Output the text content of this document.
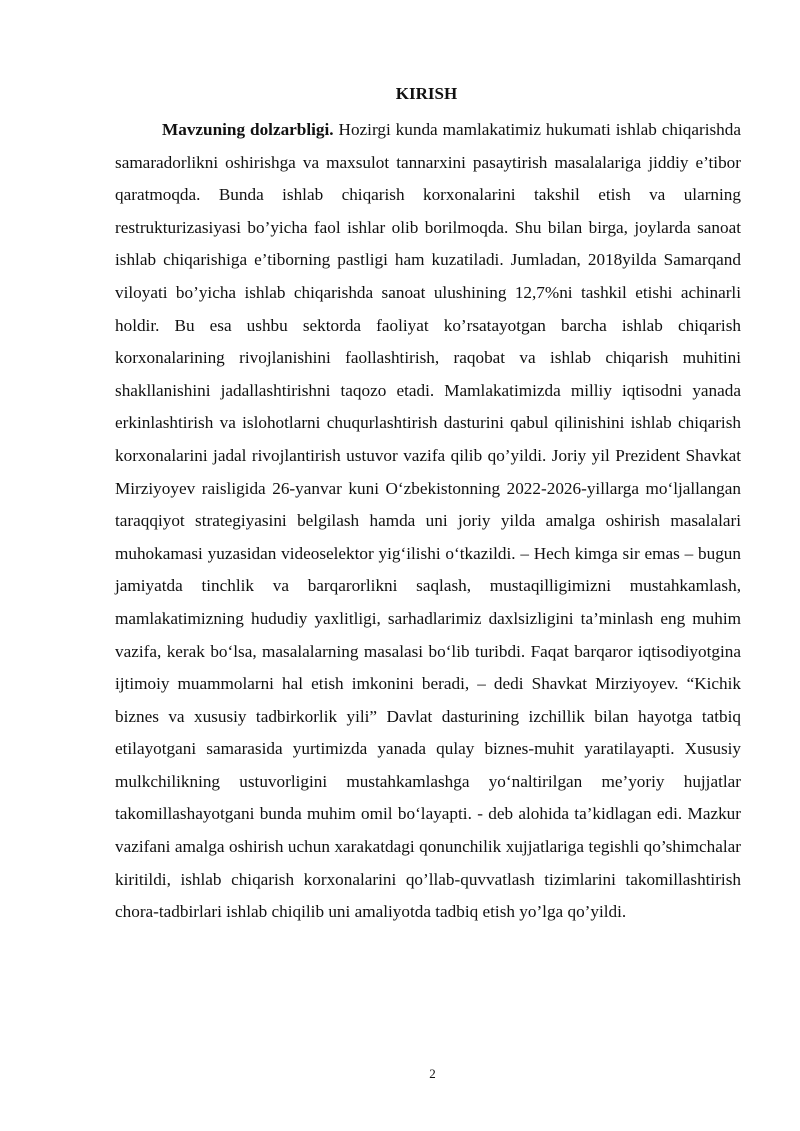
KIRISH

Mavzuning dolzarbligi. Hozirgi kunda mamlakatimiz hukumati ishlab chiqarishda samaradorlikni oshirishga va maxsulot tannarxini pasaytirish masalalariga jiddiy e’tibor qaratmoqda. Bunda ishlab chiqarish korxonalarini takshil etish va ularning restrukturizasiyasi bo’yicha faol ishlar olib borilmoqda. Shu bilan birga, joylarda sanoat ishlab chiqarishiga e’tiborning pastligi ham kuzatiladi. Jumladan, 2018yilda Samarqand viloyati bo’yicha ishlab chiqarishda sanoat ulushining 12,7%ni tashkil etishi achinarli holdir. Bu esa ushbu sektorda faoliyat ko’rsatayotgan barcha ishlab chiqarish korxonalarining rivojlanishini faollashtirish, raqobat va ishlab chiqarish muhitini shakllanishini jadallashtirishni taqozo etadi. Mamlakatimizda milliy iqtisodni yanada erkinlashtirish va islohotlarni chuqurlashtirish dasturini qabul qilinishini ishlab chiqarish korxonalarini jadal rivojlantirish ustuvor vazifa qilib qo’yildi. Joriy yil Prezident Shavkat Mirziyoyev raisligida 26-yanvar kuni O‘zbekistonning 2022-2026-yillarga mo‘ljallangan taraqqiyot strategiyasini belgilash hamda uni joriy yilda amalga oshirish masalalari muhokamasi yuzasidan videoselektor yig‘ilishi o‘tkazildi. – Hech kimga sir emas – bugun jamiyatda tinchlik va barqarorlikni saqlash, mustaqilligimizni mustahkamlash, mamlakatimizning hududiy yaxlitligi, sarhadlarimiz daxlsizligini ta’minlash eng muhim vazifa, kerak bo‘lsa, masalalarning masalasi bo‘lib turibdi. Faqat barqaror iqtisodiyotgina ijtimoiy muammolarni hal etish imkonini beradi, – dedi Shavkat Mirziyoyev. “Kichik biznes va xususiy tadbirkorlik yili” Davlat dasturining izchillik bilan hayotga tatbiq etilayotgani samarasida yurtimizda yanada qulay biznes-muhit yaratilayapti. Xususiy mulkchilikning ustuvorligini mustahkamlashga yo‘naltirilgan me’yoriy hujjatlar takomillashayotgani bunda muhim omil bo‘layapti. - deb alohida ta’kidlagan edi. Mazkur vazifani amalga oshirish uchun xarakatdagi qonunchilik xujjatlariga tegishli qo’shimchalar kiritildi, ishlab chiqarish korxonalarini qo’llab-quvvatlash tizimlarini takomillashtirish chora-tadbirlari ishlab chiqilib uni amaliyotda tadbiq etish yo’lga qo’yildi.

2
